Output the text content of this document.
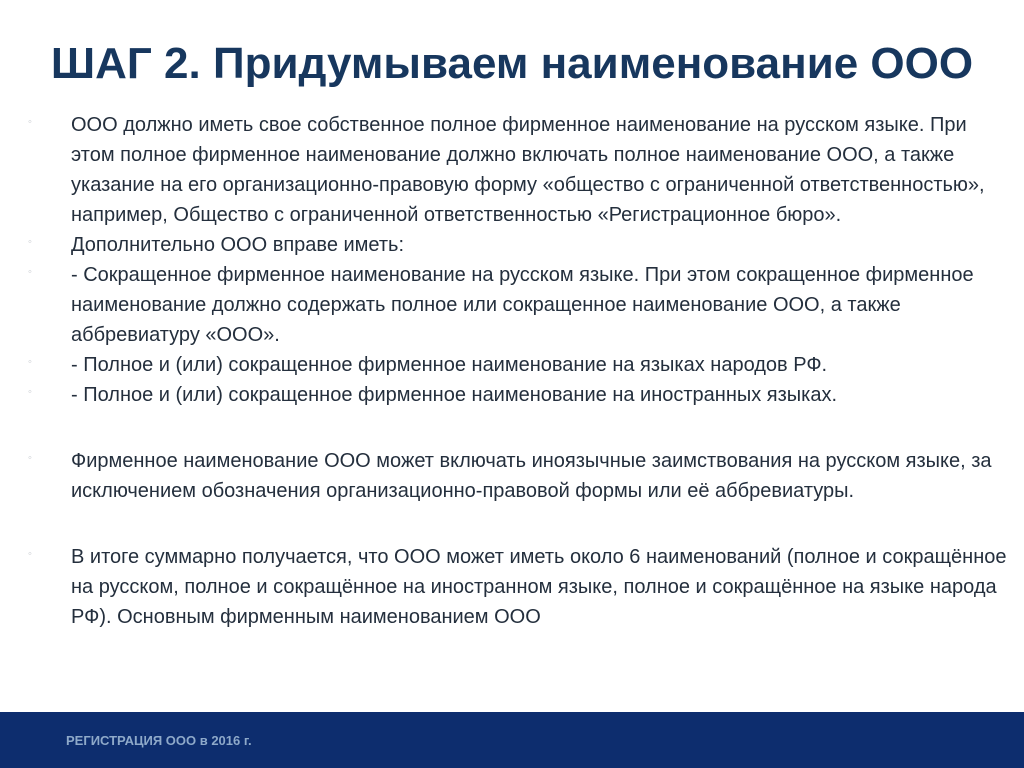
ШАГ 2. Придумываем наименование ООО

◦ ООО должно иметь свое собственное полное фирменное наименование на русском языке. При этом полное фирменное наименование должно включать полное наименование ООО, а также указание на его организационно-правовую форму «общество с ограниченной ответственностью», например, Общество с ограниченной ответственностью «Регистрационное бюро».

◦ Дополнительно ООО вправе иметь:

◦ - Сокращенное фирменное наименование на русском языке. При этом сокращенное фирменное наименование должно содержать полное или сокращенное наименование ООО, а также аббревиатуру «ООО».

◦ - Полное и (или) сокращенное фирменное наименование на языках народов РФ.

◦ - Полное и (или) сокращенное фирменное наименование на иностранных языках.

◦ Фирменное наименование ООО может включать иноязычные заимствования на русском языке, за исключением обозначения организационно-правовой формы или её аббревиатуры.

◦ В итоге суммарно получается, что ООО может иметь около 6 наименований (полное и сокращённое на русском, полное и сокращённое на иностранном языке, полное и сокращённое на языке народа РФ). Основным фирменным наименованием ООО

РЕГИСТРАЦИЯ ООО в 2016 г.
